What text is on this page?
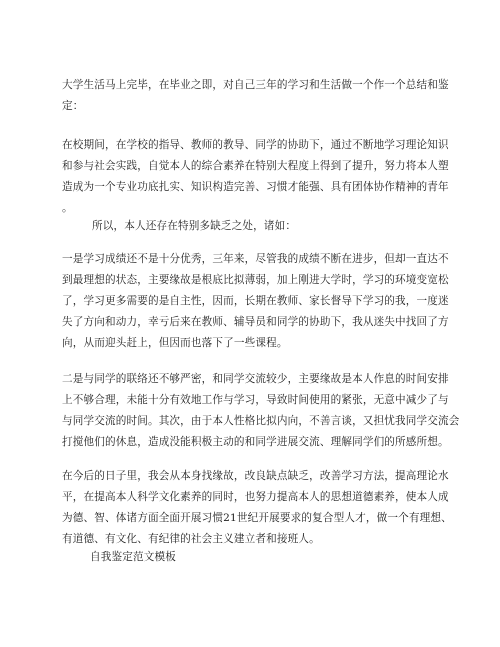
大学生活马上完毕，在毕业之即，对自己三年的学习和生活做一个作一个总结和鉴
定：
在校期间，在学校的指导、教师的教导、同学的协助下，通过不断地学习理论知识
和参与社会实践，自觉本人的综合素养在特别大程度上得到了提升，努力将本人塑
造成为一个专业功底扎实、知识构造完善、习惯才能强、具有团体协作精神的青年
。
所以，本人还存在特别多缺乏之处，诸如：
一是学习成绩还不是十分优秀，三年来，尽管我的成绩不断在进步，但却一直达不
到最理想的状态，主要缘故是根底比拟薄弱，加上刚进大学时，学习的环境变宽松
了，学习更多需要的是自主性，因而，长期在教师、家长督导下学习的我，一度迷
失了方向和动力，幸亏后来在教师、辅导员和同学的协助下，我从迷失中找回了方
向，从而迎头赶上，但因而也落下了一些课程。
二是与同学的联络还不够严密，和同学交流较少，主要缘故是本人作息的时间安排
上不够合理，未能十分有效地工作与学习，导致时间使用的紧张，无意中减少了与
与同学交流的时间。其次，由于本人性格比拟内向，不善言谈，又担忧我同学交流会
打搅他们的休息，造成没能积极主动的和同学进展交流、理解同学们的所感所想。
在今后的日子里，我会从本身找缘故，改良缺点缺乏，改善学习方法，提高理论水
平，在提高本人科学文化素养的同时，也努力提高本人的思想道德素养，使本人成
为德、智、体诸方面全面开展习惯21世纪开展要求的复合型人才，做一个有理想、
有道德、有文化、有纪律的社会主义建立者和接班人。
自我鉴定范文模板
